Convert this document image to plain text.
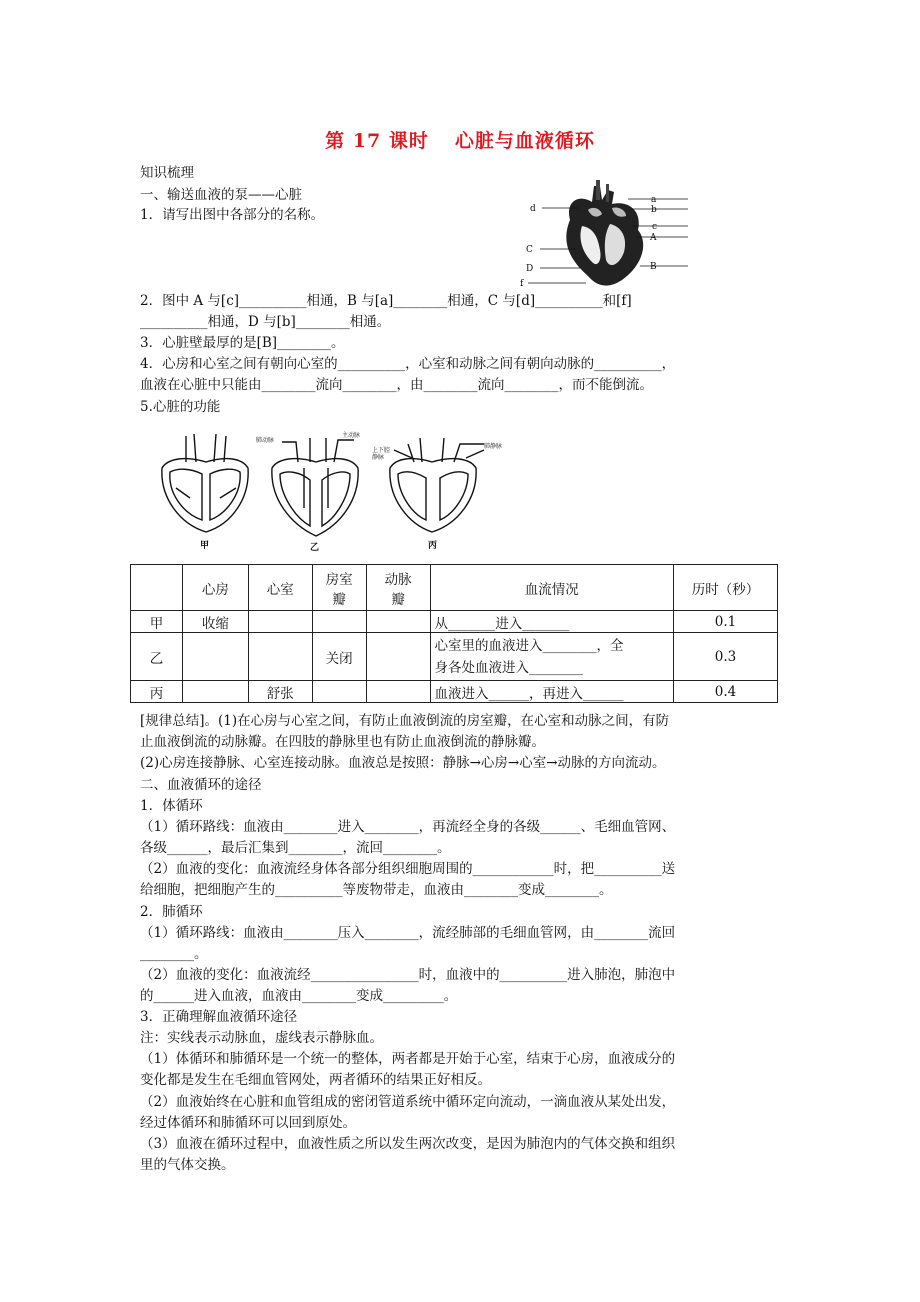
第 17 课时 心脏与血液循环
知识梳理
一、输送血液的泵——心脏
1．请写出图中各部分的名称。
a
b
c
A
B
d
C
D
f
2．图中 A 与[c]__________相通，B 与[a]________相通，C 与[d]__________和[f]
__________相通，D 与[b]________相通。
3．心脏壁最厚的是[B]________。
4．心房和心室之间有朝向心室的__________，心室和动脉之间有朝向动脉的__________，
血液在心脏中只能由________流向________，由________流向________，而不能倒流。
5.心脏的功能
甲
肺动脉
主动脉
乙
上下腔静脉
肺静脉
丙
	心房	心室	房室
瓣	动脉
瓣	血流情况	历时（秒）
甲	收缩				从_______进入_______	0.1
乙			关闭		心室里的血液进入________，全
身各处血液进入________	0.3
丙		舒张			血液进入______，再进入______	0.4
[规律总结]。(1)在心房与心室之间，有防止血液倒流的房室瓣，在心室和动脉之间，有防
止血液倒流的动脉瓣。在四肢的静脉里也有防止血液倒流的静脉瓣。
(2)心房连接静脉、心室连接动脉。血液总是按照：静脉→心房→心室→动脉的方向流动。
二、血液循环的途径
1．体循环
（1）循环路线：血液由________进入________，再流经全身的各级______、毛细血管网、
各级______，最后汇集到________，流回________。
（2）血液的变化：血液流经身体各部分组织细胞周围的____________时，把__________送
给细胞，把细胞产生的__________等废物带走，血液由________变成________。
2．肺循环
（1）循环路线：血液由________压入________，流经肺部的毛细血管网，由________流回
________。
（2）血液的变化：血液流经________________时，血液中的__________进入肺泡，肺泡中
的______进入血液，血液由________变成_________。
3．正确理解血液循环途径
注：实线表示动脉血，虚线表示静脉血。
（1）体循环和肺循环是一个统一的整体，两者都是开始于心室，结束于心房，血液成分的
变化都是发生在毛细血管网处，两者循环的结果正好相反。
（2）血液始终在心脏和血管组成的密闭管道系统中循环定向流动，一滴血液从某处出发，
经过体循环和肺循环可以回到原处。
（3）血液在循环过程中，血液性质之所以发生两次改变，是因为肺泡内的气体交换和组织
里的气体交换。
